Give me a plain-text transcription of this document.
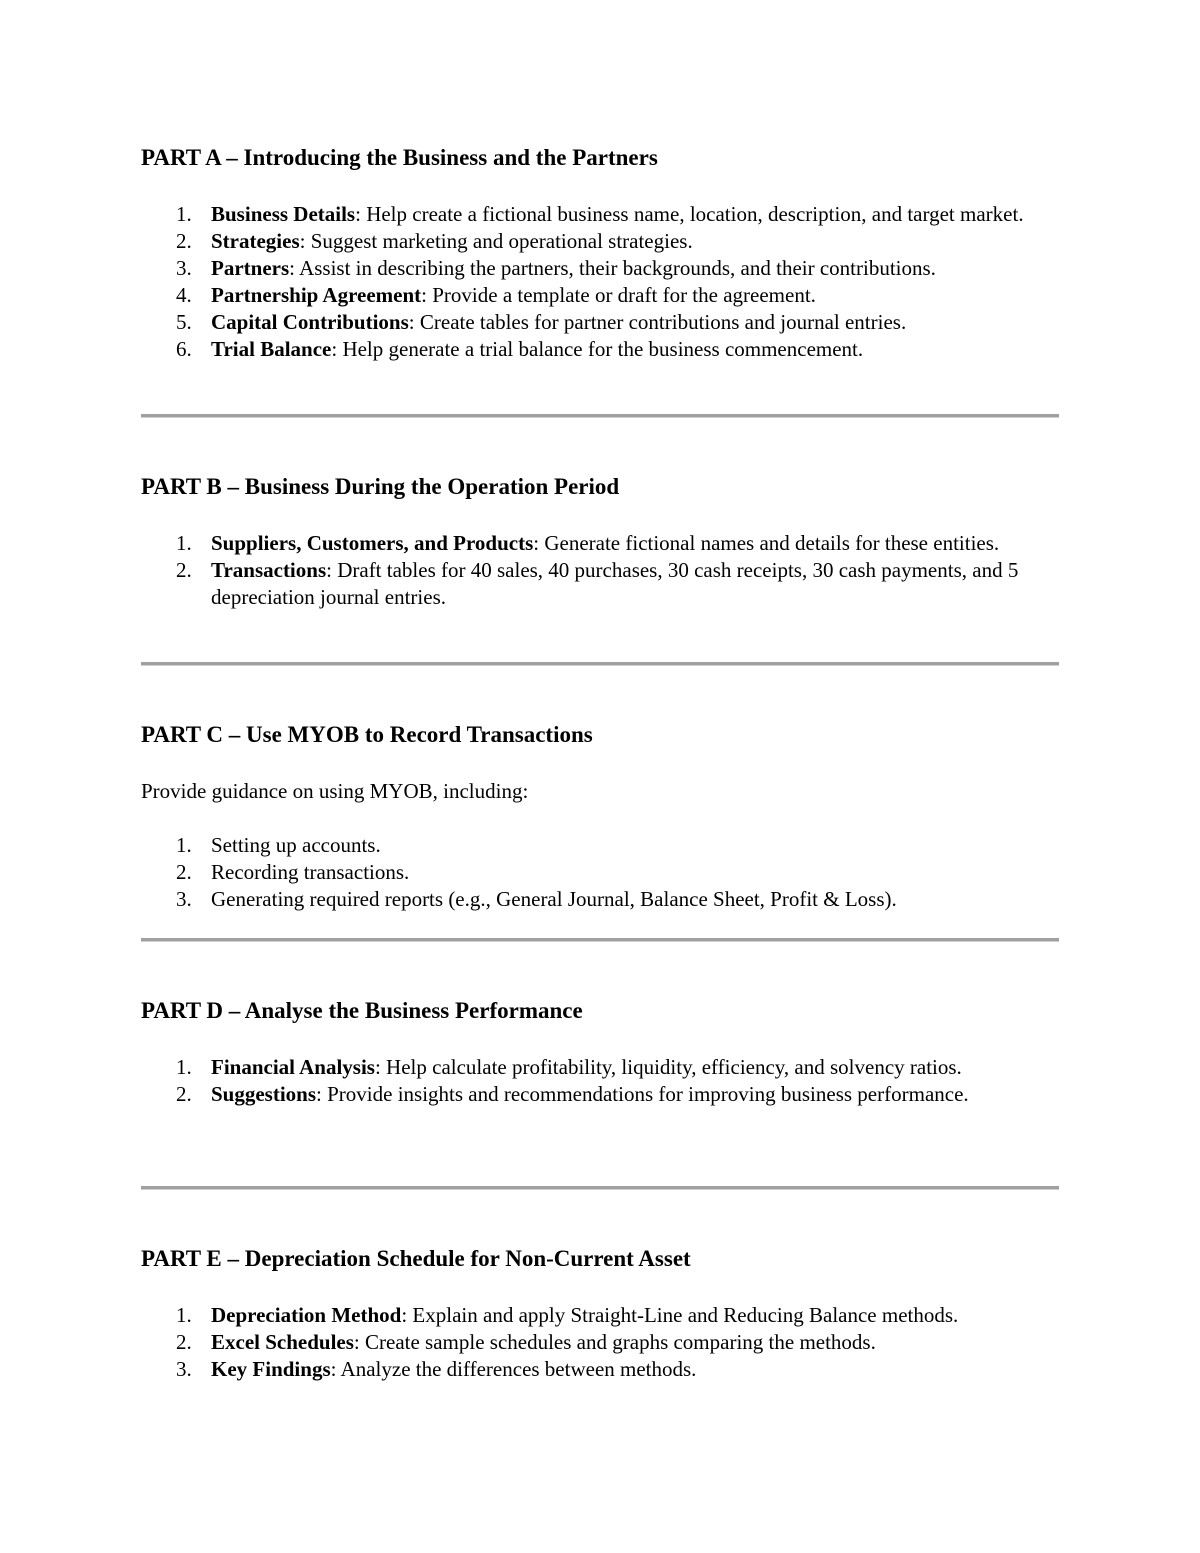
PART A – Introducing the Business and the Partners
1. Business Details: Help create a fictional business name, location, description, and target market.
2. Strategies: Suggest marketing and operational strategies.
3. Partners: Assist in describing the partners, their backgrounds, and their contributions.
4. Partnership Agreement: Provide a template or draft for the agreement.
5. Capital Contributions: Create tables for partner contributions and journal entries.
6. Trial Balance: Help generate a trial balance for the business commencement.
PART B – Business During the Operation Period
1. Suppliers, Customers, and Products: Generate fictional names and details for these entities.
2. Transactions: Draft tables for 40 sales, 40 purchases, 30 cash receipts, 30 cash payments, and 5 depreciation journal entries.
PART C – Use MYOB to Record Transactions

Provide guidance on using MYOB, including:

1. Setting up accounts.
2. Recording transactions.
3. Generating required reports (e.g., General Journal, Balance Sheet, Profit & Loss).
PART D – Analyse the Business Performance
1. Financial Analysis: Help calculate profitability, liquidity, efficiency, and solvency ratios.
2. Suggestions: Provide insights and recommendations for improving business performance.
PART E – Depreciation Schedule for Non-Current Asset
1. Depreciation Method: Explain and apply Straight-Line and Reducing Balance methods.
2. Excel Schedules: Create sample schedules and graphs comparing the methods.
3. Key Findings: Analyze the differences between methods.
